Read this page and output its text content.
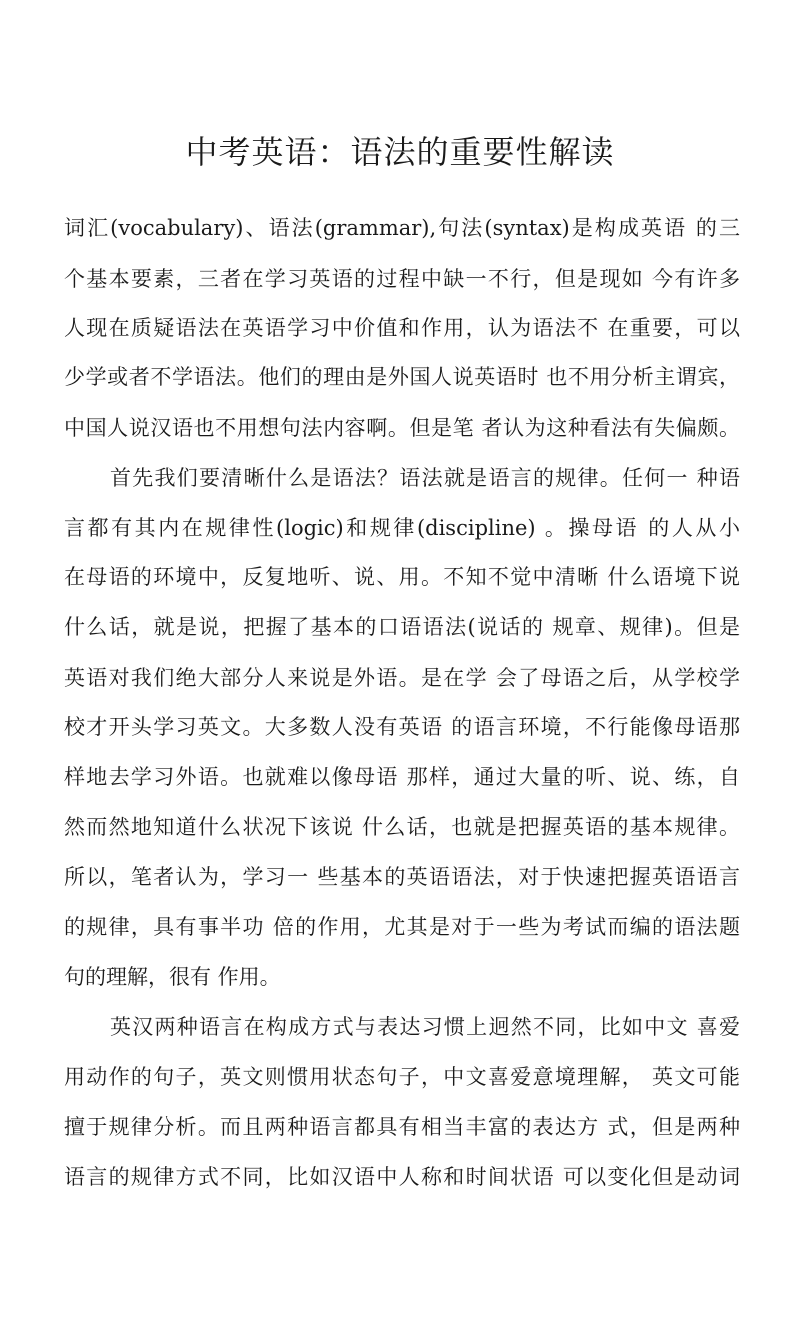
中考英语：语法的重要性解读

词汇(vocabulary)、语法(grammar),句法(syntax)是构成英语 的三

个基本要素，三者在学习英语的过程中缺一不行，但是现如 今有许多

人现在质疑语法在英语学习中价值和作用，认为语法不 在重要，可以

少学或者不学语法。他们的理由是外国人说英语时 也不用分析主谓宾，

中国人说汉语也不用想句法内容啊。但是笔 者认为这种看法有失偏颇。

首先我们要清晰什么是语法？语法就是语言的规律。任何一 种语

言都有其内在规律性(logic)和规律(discipline) 。操母语 的人从小

在母语的环境中，反复地听、说、用。不知不觉中清晰 什么语境下说

什么话，就是说，把握了基本的口语语法(说话的 规章、规律)。但是

英语对我们绝大部分人来说是外语。是在学 会了母语之后，从学校学

校才开头学习英文。大多数人没有英语 的语言环境，不行能像母语那

样地去学习外语。也就难以像母语 那样，通过大量的听、说、练，自

然而然地知道什么状况下该说 什么话，也就是把握英语的基本规律。

所以，笔者认为，学习一 些基本的英语语法，对于快速把握英语语言

的规律，具有事半功 倍的作用，尤其是对于一些为考试而编的语法题

句的理解，很有 作用。

英汉两种语言在构成方式与表达习惯上迥然不同，比如中文 喜爱

用动作的句子，英文则惯用状态句子，中文喜爱意境理解， 英文可能

擅于规律分析。而且两种语言都具有相当丰富的表达方 式，但是两种

语言的规律方式不同，比如汉语中人称和时间状语 可以变化但是动词
